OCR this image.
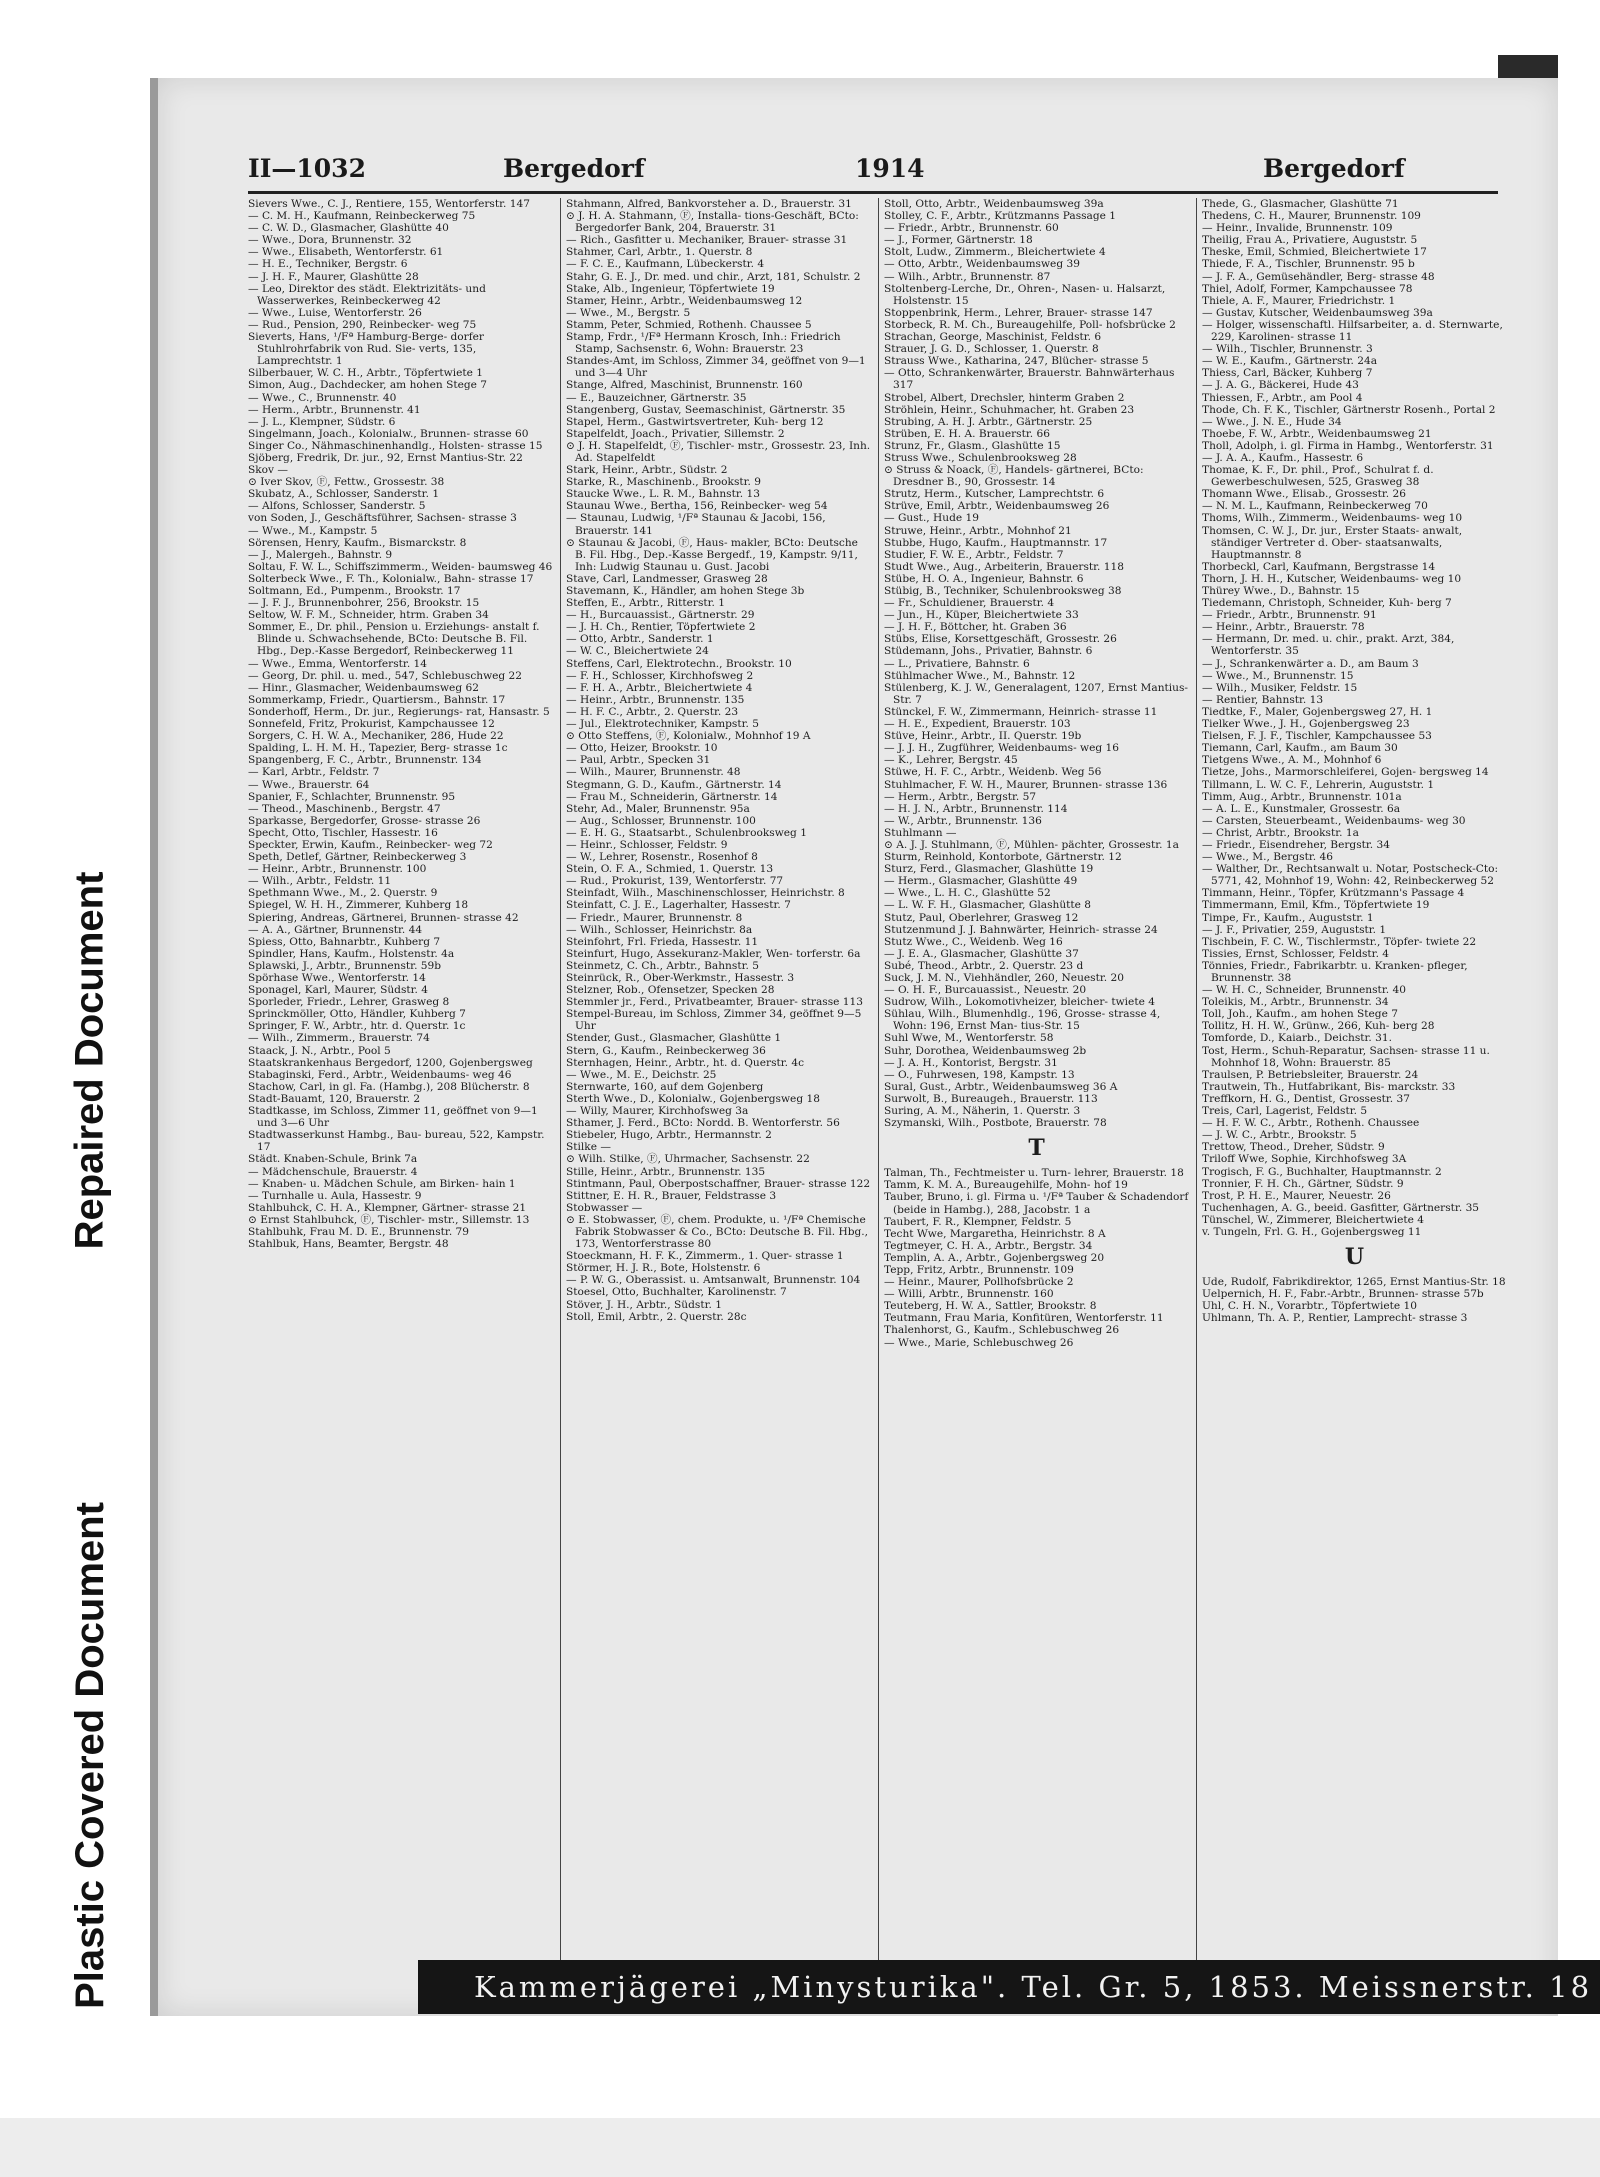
Repaired Document
Plastic Covered Document
II—1032	Bergedorf	1914	Bergedorf

Sievers Wwe., C. J., Rentiere, 155, Wentorferstr. 147

— C. M. H., Kaufmann, Reinbeckerweg 75

— C. W. D., Glasmacher, Glashütte 40

— Wwe., Dora, Brunnenstr. 32

— Wwe., Elisabeth, Wentorferstr. 61

— H. E., Techniker, Bergstr. 6

— J. H. F., Maurer, Glashütte 28

— Leo, Direktor des städt. Elektrizitäts- und Wasserwerkes, Reinbeckerweg 42

— Wwe., Luise, Wentorferstr. 26

— Rud., Pension, 290, Reinbecker- weg 75

Sieverts, Hans, ¹/Fª Hamburg-Berge- dorfer Stuhlrohrfabrik von Rud. Sie- verts, 135, Lamprechtstr. 1

Silberbauer, W. C. H., Arbtr., Töpfertwiete 1

Simon, Aug., Dachdecker, am hohen Stege 7

— Wwe., C., Brunnenstr. 40

— Herm., Arbtr., Brunnenstr. 41

— J. L., Klempner, Südstr. 6

Singelmann, Joach., Kolonialw., Brunnen- strasse 60

Singer Co., Nähmaschinenhandlg., Holsten- strasse 15

Sjöberg, Fredrik, Dr. jur., 92, Ernst Mantius-Str. 22

Skov —

⊙ Iver Skov, Ⓕ, Fettw., Grossestr. 38

Skubatz, A., Schlosser, Sanderstr. 1

— Alfons, Schlosser, Sanderstr. 5

von Soden, J., Geschäftsführer, Sachsen- strasse 3

— Wwe., M., Kampstr. 5

Sörensen, Henry, Kaufm., Bismarckstr. 8

— J., Malergeh., Bahnstr. 9

Soltau, F. W. L., Schiffszimmerm., Weiden- baumsweg 46

Solterbeck Wwe., F. Th., Kolonialw., Bahn- strasse 17

Soltmann, Ed., Pumpenm., Brookstr. 17

— J. F. J., Brunnenbohrer, 256, Brookstr. 15

Seltow, W. F. M., Schneider, htrm. Graben 34

Sommer, E., Dr. phil., Pension u. Erziehungs- anstalt f. Blinde u. Schwachsehende, BCto: Deutsche B. Fil. Hbg., Dep.-Kasse Bergedorf, Reinbeckerweg 11

— Wwe., Emma, Wentorferstr. 14

— Georg, Dr. phil. u. med., 547, Schlebuschweg 22

— Hinr., Glasmacher, Weidenbaumsweg 62

Sommerkamp, Friedr., Quartiersm., Bahnstr. 17

Sonderhoff, Herm., Dr. jur., Regierungs- rat, Hansastr. 5

Sonnefeld, Fritz, Prokurist, Kampchaussee 12

Sorgers, C. H. W. A., Mechaniker, 286, Hude 22

Spalding, L. H. M. H., Tapezier, Berg- strasse 1c

Spangenberg, F. C., Arbtr., Brunnenstr. 134

— Karl, Arbtr., Feldstr. 7

— Wwe., Brauerstr. 64

Spanier, F., Schlachter, Brunnenstr. 95

— Theod., Maschinenb., Bergstr. 47

Sparkasse, Bergedorfer, Grosse- strasse 26

Specht, Otto, Tischler, Hassestr. 16

Speckter, Erwin, Kaufm., Reinbecker- weg 72

Speth, Detlef, Gärtner, Reinbeckerweg 3

— Heinr., Arbtr., Brunnenstr. 100

— Wilh., Arbtr., Feldstr. 11

Spethmann Wwe., M., 2. Querstr. 9

Spiegel, W. H. H., Zimmerer, Kuhberg 18

Spiering, Andreas, Gärtnerei, Brunnen- strasse 42

— A. A., Gärtner, Brunnenstr. 44

Spiess, Otto, Bahnarbtr., Kuhberg 7

Spindler, Hans, Kaufm., Holstenstr. 4a

Splawski, J., Arbtr., Brunnenstr. 59b

Spörhase Wwe., Wentorferstr. 14

Sponagel, Karl, Maurer, Südstr. 4

Sporleder, Friedr., Lehrer, Grasweg 8

Sprinckmöller, Otto, Händler, Kuhberg 7

Springer, F. W., Arbtr., htr. d. Querstr. 1c

— Wilh., Zimmerm., Brauerstr. 74

Staack, J. N., Arbtr., Pool 5

Staatskrankenhaus Bergedorf, 1200, Gojenbergsweg

Stabaginski, Ferd., Arbtr., Weidenbaums- weg 46

Stachow, Carl, in gl. Fa. (Hambg.), 208 Blücherstr. 8

Stadt-Bauamt, 120, Brauerstr. 2

Stadtkasse, im Schloss, Zimmer 11, geöffnet von 9—1 und 3—6 Uhr

Stadtwasserkunst Hambg., Bau- bureau, 522, Kampstr. 17

Städt. Knaben-Schule, Brink 7a

— Mädchenschule, Brauerstr. 4

— Knaben- u. Mädchen Schule, am Birken- hain 1

— Turnhalle u. Aula, Hassestr. 9

Stahlbuhck, C. H. A., Klempner, Gärtner- strasse 21

⊙ Ernst Stahlbuhck, Ⓕ, Tischler- mstr., Sillemstr. 13

Stahlbuhk, Frau M. D. E., Brunnenstr. 79

Stahlbuk, Hans, Beamter, Bergstr. 48

Stahmann, Alfred, Bankvorsteher a. D., Brauerstr. 31

⊙ J. H. A. Stahmann, Ⓕ, Installa- tions-Geschäft, BCto: Bergedorfer Bank, 204, Brauerstr. 31

— Rich., Gasfitter u. Mechaniker, Brauer- strasse 31

Stahmer, Carl, Arbtr., 1. Querstr. 8

— F. C. E., Kaufmann, Lübeckerstr. 4

Stahr, G. E. J., Dr. med. und chir., Arzt, 181, Schulstr. 2

Stake, Alb., Ingenieur, Töpfertwiete 19

Stamer, Heinr., Arbtr., Weidenbaumsweg 12

— Wwe., M., Bergstr. 5

Stamm, Peter, Schmied, Rothenh. Chaussee 5

Stamp, Frdr., ¹/Fª Hermann Krosch, Inh.: Friedrich Stamp, Sachsenstr. 6, Wohn: Brauerstr. 23

Standes-Amt, im Schloss, Zimmer 34, geöffnet von 9—1 und 3—4 Uhr

Stange, Alfred, Maschinist, Brunnenstr. 160

— E., Bauzeichner, Gärtnerstr. 35

Stangenberg, Gustav, Seemaschinist, Gärtnerstr. 35

Stapel, Herm., Gastwirtsvertreter, Kuh- berg 12

Stapelfeldt, Joach., Privatier, Sillemstr. 2

⊙ J. H. Stapelfeldt, Ⓕ, Tischler- mstr., Grossestr. 23, Inh. Ad. Stapelfeldt

Stark, Heinr., Arbtr., Südstr. 2

Starke, R., Maschinenb., Brookstr. 9

Staucke Wwe., L. R. M., Bahnstr. 13

Staunau Wwe., Bertha, 156, Reinbecker- weg 54

— Staunau, Ludwig, ¹/Fª Staunau & Jacobi, 156, Brauerstr. 141

⊙ Staunau & Jacobi, Ⓕ, Haus- makler, BCto: Deutsche B. Fil. Hbg., Dep.-Kasse Bergedf., 19, Kampstr. 9/11, Inh: Ludwig Staunau u. Gust. Jacobi

Stave, Carl, Landmesser, Grasweg 28

Stavemann, K., Händler, am hohen Stege 3b

Steffen, E., Arbtr., Ritterstr. 1

— H., Burcauassist., Gärtnerstr. 29

— J. H. Ch., Rentier, Töpfertwiete 2

— Otto, Arbtr., Sanderstr. 1

— W. C., Bleichertwiete 24

Steffens, Carl, Elektrotechn., Brookstr. 10

— F. H., Schlosser, Kirchhofsweg 2

— F. H. A., Arbtr., Bleichertwiete 4

— Heinr., Arbtr., Brunnenstr. 135

— H. F. C., Arbtr., 2. Querstr. 23

— Jul., Elektrotechniker, Kampstr. 5

⊙ Otto Steffens, Ⓕ, Kolonialw., Mohnhof 19 A

— Otto, Heizer, Brookstr. 10

— Paul, Arbtr., Specken 31

— Wilh., Maurer, Brunnenstr. 48

Stegmann, G. D., Kaufm., Gärtnerstr. 14

— Frau M., Schneiderin, Gärtnerstr. 14

Stehr, Ad., Maler, Brunnenstr. 95a

— Aug., Schlosser, Brunnenstr. 100

— E. H. G., Staatsarbt., Schulenbrooksweg 1

— Heinr., Schlosser, Feldstr. 9

— W., Lehrer, Rosenstr., Rosenhof 8

Stein, O. F. A., Schmied, 1. Querstr. 13

— Rud., Prokurist, 139, Wentorferstr. 77

Steinfadt, Wilh., Maschinenschlosser, Heinrichstr. 8

Steinfatt, C. J. E., Lagerhalter, Hassestr. 7

— Friedr., Maurer, Brunnenstr. 8

— Wilh., Schlosser, Heinrichstr. 8a

Steinfohrt, Frl. Frieda, Hassestr. 11

Steinfurt, Hugo, Assekuranz-Makler, Wen- torferstr. 6a

Steinmetz, C. Ch., Arbtr., Bahnstr. 5

Steinrück, R., Ober-Werkmstr., Hassestr. 3

Stelzner, Rob., Ofensetzer, Specken 28

Stemmler jr., Ferd., Privatbeamter, Brauer- strasse 113

Stempel-Bureau, im Schloss, Zimmer 34, geöffnet 9—5 Uhr

Stender, Gust., Glasmacher, Glashütte 1

Stern, G., Kaufm., Reinbeckerweg 36

Sternhagen, Heinr., Arbtr., ht. d. Querstr. 4c

— Wwe., M. E., Deichstr. 25

Sternwarte, 160, auf dem Gojenberg

Sterth Wwe., D., Kolonialw., Gojenbergsweg 18

— Willy, Maurer, Kirchhofsweg 3a

Sthamer, J. Ferd., BCto: Nordd. B. Wentorferstr. 56

Stiebeler, Hugo, Arbtr., Hermannstr. 2

Stilke —

⊙ Wilh. Stilke, Ⓕ, Uhrmacher, Sachsenstr. 22

Stille, Heinr., Arbtr., Brunnenstr. 135

Stintmann, Paul, Oberpostschaffner, Brauer- strasse 122

Stittner, E. H. R., Brauer, Feldstrasse 3

Stobwasser —

⊙ E. Stobwasser, Ⓕ, chem. Produkte, u. ¹/Fª Chemische Fabrik Stobwasser & Co., BCto: Deutsche B. Fil. Hbg., 173, Wentorferstrasse 80

Stoeckmann, H. F. K., Zimmerm., 1. Quer- strasse 1

Störmer, H. J. R., Bote, Holstenstr. 6

— P. W. G., Oberassist. u. Amtsanwalt, Brunnenstr. 104

Stoesel, Otto, Buchhalter, Karolinenstr. 7

Stöver, J. H., Arbtr., Südstr. 1

Stoll, Emil, Arbtr., 2. Querstr. 28c

Stoll, Otto, Arbtr., Weidenbaumsweg 39a

Stolley, C. F., Arbtr., Krützmanns Passage 1

— Friedr., Arbtr., Brunnenstr. 60

— J., Former, Gärtnerstr. 18

Stolt, Ludw., Zimmerm., Bleichertwiete 4

— Otto, Arbtr., Weidenbaumsweg 39

— Wilh., Arbtr., Brunnenstr. 87

Stoltenberg-Lerche, Dr., Ohren-, Nasen- u. Halsarzt, Holstenstr. 15

Stoppenbrink, Herm., Lehrer, Brauer- strasse 147

Storbeck, R. M. Ch., Bureaugehilfe, Poll- hofsbrücke 2

Strachan, George, Maschinist, Feldstr. 6

Strauer, J. G. D., Schlosser, 1. Querstr. 8

Strauss Wwe., Katharina, 247, Blücher- strasse 5

— Otto, Schrankenwärter, Brauerstr. Bahnwärterhaus 317

Strobel, Albert, Drechsler, hinterm Graben 2

Ströhlein, Heinr., Schuhmacher, ht. Graben 23

Strubing, A. H. J. Arbtr., Gärtnerstr. 25

Strüben, E. H. A. Brauerstr. 66

Strunz, Fr., Glasm., Glashütte 15

Struss Wwe., Schulenbrooksweg 28

⊙ Struss & Noack, Ⓕ, Handels- gärtnerei, BCto: Dresdner B., 90, Grossestr. 14

Strutz, Herm., Kutscher, Lamprechtstr. 6

Strüve, Emil, Arbtr., Weidenbaumsweg 26

— Gust., Hude 19

Struwe, Heinr., Arbtr., Mohnhof 21

Stubbe, Hugo, Kaufm., Hauptmannstr. 17

Studier, F. W. E., Arbtr., Feldstr. 7

Studt Wwe., Aug., Arbeiterin, Brauerstr. 118

Stübe, H. O. A., Ingenieur, Bahnstr. 6

Stübig, B., Techniker, Schulenbrooksweg 38

— Fr., Schuldiener, Brauerstr. 4

— Jun., H., Küper, Bleichertwiete 33

— J. H. F., Böttcher, ht. Graben 36

Stübs, Elise, Korsettgeschäft, Grossestr. 26

Stüdemann, Johs., Privatier, Bahnstr. 6

— L., Privatiere, Bahnstr. 6

Stühlmacher Wwe., M., Bahnstr. 12

Stülenberg, K. J. W., Generalagent, 1207, Ernst Mantius-Str. 7

Stünckel, F. W., Zimmermann, Heinrich- strasse 11

— H. E., Expedient, Brauerstr. 103

Stüve, Heinr., Arbtr., II. Querstr. 19b

— J. J. H., Zugführer, Weidenbaums- weg 16

— K., Lehrer, Bergstr. 45

Stüwe, H. F. C., Arbtr., Weidenb. Weg 56

Stuhlmacher, F. W. H., Maurer, Brunnen- strasse 136

— Herm., Arbtr., Bergstr. 57

— H. J. N., Arbtr., Brunnenstr. 114

— W., Arbtr., Brunnenstr. 136

Stuhlmann —

⊙ A. J. J. Stuhlmann, Ⓕ, Mühlen- pächter, Grossestr. 1a

Sturm, Reinhold, Kontorbote, Gärtnerstr. 12

Sturz, Ferd., Glasmacher, Glashütte 19

— Herm., Glasmacher, Glashütte 49

— Wwe., L. H. C., Glashütte 52

— L. W. F. H., Glasmacher, Glashütte 8

Stutz, Paul, Oberlehrer, Grasweg 12

Stutzenmund J. J. Bahnwärter, Heinrich- strasse 24

Stutz Wwe., C., Weidenb. Weg 16

— J. E. A., Glasmacher, Glashütte 37

Subé, Theod., Arbtr., 2. Querstr. 23 d

Suck, J. M. N., Viehhändler, 260, Neuestr. 20

— O. H. F., Burcauassist., Neuestr. 20

Sudrow, Wilh., Lokomotivheizer, bleicher- twiete 4

Sühlau, Wilh., Blumenhdlg., 196, Grosse- strasse 4, Wohn: 196, Ernst Man- tius-Str. 15

Suhl Wwe, M., Wentorferstr. 58

Suhr, Dorothea, Weidenbaumsweg 2b

— J. A. H., Kontorist, Bergstr. 31

— O., Fuhrwesen, 198, Kampstr. 13

Sural, Gust., Arbtr., Weidenbaumsweg 36 A

Surwolt, B., Bureaugeh., Brauerstr. 113

Suring, A. M., Näherin, 1. Querstr. 3

Szymanski, Wilh., Postbote, Brauerstr. 78

T

Talman, Th., Fechtmeister u. Turn- lehrer, Brauerstr. 18

Tamm, K. M. A., Bureaugehilfe, Mohn- hof 19

Tauber, Bruno, i. gl. Firma u. ¹/Fª Tauber & Schadendorf (beide in Hambg.), 288, Jacobstr. 1 a

Taubert, F. R., Klempner, Feldstr. 5

Techt Wwe, Margaretha, Heinrichstr. 8 A

Tegtmeyer, C. H. A., Arbtr., Bergstr. 34

Templin, A. A., Arbtr., Gojenbergsweg 20

Tepp, Fritz, Arbtr., Brunnenstr. 109

— Heinr., Maurer, Pollhofsbrücke 2

— Willi, Arbtr., Brunnenstr. 160

Teuteberg, H. W. A., Sattler, Brookstr. 8

Teutmann, Frau Maria, Konfitüren, Wentorferstr. 11

Thalenhorst, G., Kaufm., Schlebuschweg 26

— Wwe., Marie, Schlebuschweg 26

Thede, G., Glasmacher, Glashütte 71

Thedens, C. H., Maurer, Brunnenstr. 109

— Heinr., Invalide, Brunnenstr. 109

Theilig, Frau A., Privatiere, Auguststr. 5

Theske, Emil, Schmied, Bleichertwiete 17

Thiede, F. A., Tischler, Brunnenstr. 95 b

— J. F. A., Gemüsehändler, Berg- strasse 48

Thiel, Adolf, Former, Kampchaussee 78

Thiele, A. F., Maurer, Friedrichstr. 1

— Gustav, Kutscher, Weidenbaumsweg 39a

— Holger, wissenschaftl. Hilfsarbeiter, a. d. Sternwarte, 229, Karolinen- strasse 11

— Wilh., Tischler, Brunnenstr. 3

— W. E., Kaufm., Gärtnerstr. 24a

Thiess, Carl, Bäcker, Kuhberg 7

— J. A. G., Bäckerei, Hude 43

Thiessen, F., Arbtr., am Pool 4

Thode, Ch. F. K., Tischler, Gärtnerstr Rosenh., Portal 2

— Wwe., J. N. E., Hude 34

Thoebe, F. W., Arbtr., Weidenbaumsweg 21

Tholl, Adolph, i. gl. Firma in Hambg., Wentorferstr. 31

— J. A. A., Kaufm., Hassestr. 6

Thomae, K. F., Dr. phil., Prof., Schulrat f. d. Gewerbeschulwesen, 525, Grasweg 38

Thomann Wwe., Elisab., Grossestr. 26

— N. M. L., Kaufmann, Reinbeckerweg 70

Thoms, Wilh., Zimmerm., Weidenbaums- weg 10

Thomsen, C. W. J., Dr. jur., Erster Staats- anwalt, ständiger Vertreter d. Ober- staatsanwalts, Hauptmannstr. 8

Thorbeckl, Carl, Kaufmann, Bergstrasse 14

Thorn, J. H. H., Kutscher, Weidenbaums- weg 10

Thürey Wwe., D., Bahnstr. 15

Tiedemann, Christoph, Schneider, Kuh- berg 7

— Friedr., Arbtr., Brunnenstr. 91

— Heinr., Arbtr., Brauerstr. 78

— Hermann, Dr. med. u. chir., prakt. Arzt, 384, Wentorferstr. 35

— J., Schrankenwärter a. D., am Baum 3

— Wwe., M., Brunnenstr. 15

— Wilh., Musiker, Feldstr. 15

— Rentier, Bahnstr. 13

Tiedtke, F., Maler, Gojenbergsweg 27, H. 1

Tielker Wwe., J. H., Gojenbergsweg 23

Tielsen, F. J. F., Tischler, Kampchaussee 53

Tiemann, Carl, Kaufm., am Baum 30

Tietgens Wwe., A. M., Mohnhof 6

Tietze, Johs., Marmorschleiferei, Gojen- bergsweg 14

Tillmann, L. W. C. F., Lehrerin, Auguststr. 1

Timm, Aug., Arbtr., Brunnenstr. 101a

— A. L. E., Kunstmaler, Grossestr. 6a

— Carsten, Steuerbeamt., Weidenbaums- weg 30

— Christ, Arbtr., Brookstr. 1a

— Friedr., Eisendreher, Bergstr. 34

— Wwe., M., Bergstr. 46

— Walther, Dr., Rechtsanwalt u. Notar, Postscheck-Cto: 5771, 42, Mohnhof 19, Wohn: 42, Reinbeckerweg 52

Timmann, Heinr., Töpfer, Krützmann's Passage 4

Timmermann, Emil, Kfm., Töpfertwiete 19

Timpe, Fr., Kaufm., Auguststr. 1

— J. F., Privatier, 259, Auguststr. 1

Tischbein, F. C. W., Tischlermstr., Töpfer- twiete 22

Tissies, Ernst, Schlosser, Feldstr. 4

Tönnies, Friedr., Fabrikarbtr. u. Kranken- pfleger, Brunnenstr. 38

— W. H. C., Schneider, Brunnenstr. 40

Toleikis, M., Arbtr., Brunnenstr. 34

Toll, Joh., Kaufm., am hohen Stege 7

Tollitz, H. H. W., Grünw., 266, Kuh- berg 28

Tomforde, D., Kaiarb., Deichstr. 31.

Tost, Herm., Schuh-Reparatur, Sachsen- strasse 11 u. Mohnhof 18, Wohn: Brauerstr. 85

Traulsen, P. Betriebsleiter, Brauerstr. 24

Trautwein, Th., Hutfabrikant, Bis- marckstr. 33

Treffkorn, H. G., Dentist, Grossestr. 37

Treis, Carl, Lagerist, Feldstr. 5

— H. F. W. C., Arbtr., Rothenh. Chaussee

— J. W. C., Arbtr., Brookstr. 5

Trettow, Theod., Dreher, Südstr. 9

Triloff Wwe, Sophie, Kirchhofsweg 3A

Trogisch, F. G., Buchhalter, Hauptmannstr. 2

Tronnier, F. H. Ch., Gärtner, Südstr. 9

Trost, P. H. E., Maurer, Neuestr. 26

Tuchenhagen, A. G., beeid. Gasfitter, Gärtnerstr. 35

Tünschel, W., Zimmerer, Bleichertwiete 4

v. Tungeln, Frl. G. H., Gojenbergsweg 11

U

Ude, Rudolf, Fabrikdirektor, 1265, Ernst Mantius-Str. 18

Uelpernich, H. F., Fabr.-Arbtr., Brunnen- strasse 57b

Uhl, C. H. N., Vorarbtr., Töpfertwiete 10

Uhlmann, Th. A. P., Rentier, Lamprecht- strasse 3

Kammerjägerei „Minysturika". Tel. Gr. 5, 1853. Meissnerstr. 18
